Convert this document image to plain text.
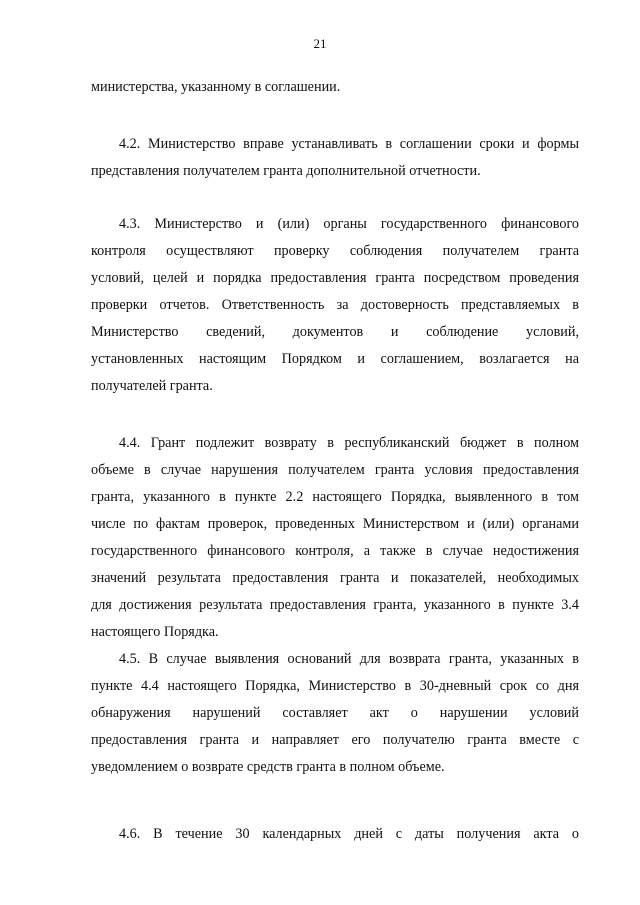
21
министерства, указанному в соглашении.
4.2. Министерство вправе устанавливать в соглашении сроки и формы
представления получателем гранта дополнительной отчетности.
4.3. Министерство и (или) органы государственного финансового
контроля осуществляют проверку соблюдения получателем гранта
условий, целей и порядка предоставления гранта посредством проведения
проверки отчетов. Ответственность за достоверность представляемых в
Министерство сведений, документов и соблюдение условий,
установленных настоящим Порядком и соглашением, возлагается на
получателей гранта.
4.4. Грант подлежит возврату в республиканский бюджет в полном
объеме в случае нарушения получателем гранта условия предоставления
гранта, указанного в пункте 2.2 настоящего Порядка, выявленного в том
числе по фактам проверок, проведенных Министерством и (или) органами
государственного финансового контроля, а также в случае недостижения
значений результата предоставления гранта и показателей, необходимых
для достижения результата предоставления гранта, указанного в пункте 3.4
настоящего Порядка.
4.5. В случае выявления оснований для возврата гранта, указанных в
пункте 4.4 настоящего Порядка, Министерство в 30-дневный срок со дня
обнаружения нарушений составляет акт о нарушении условий
предоставления гранта и направляет его получателю гранта вместе с
уведомлением о возврате средств гранта в полном объеме.
4.6. В течение 30 календарных дней с даты получения акта о
